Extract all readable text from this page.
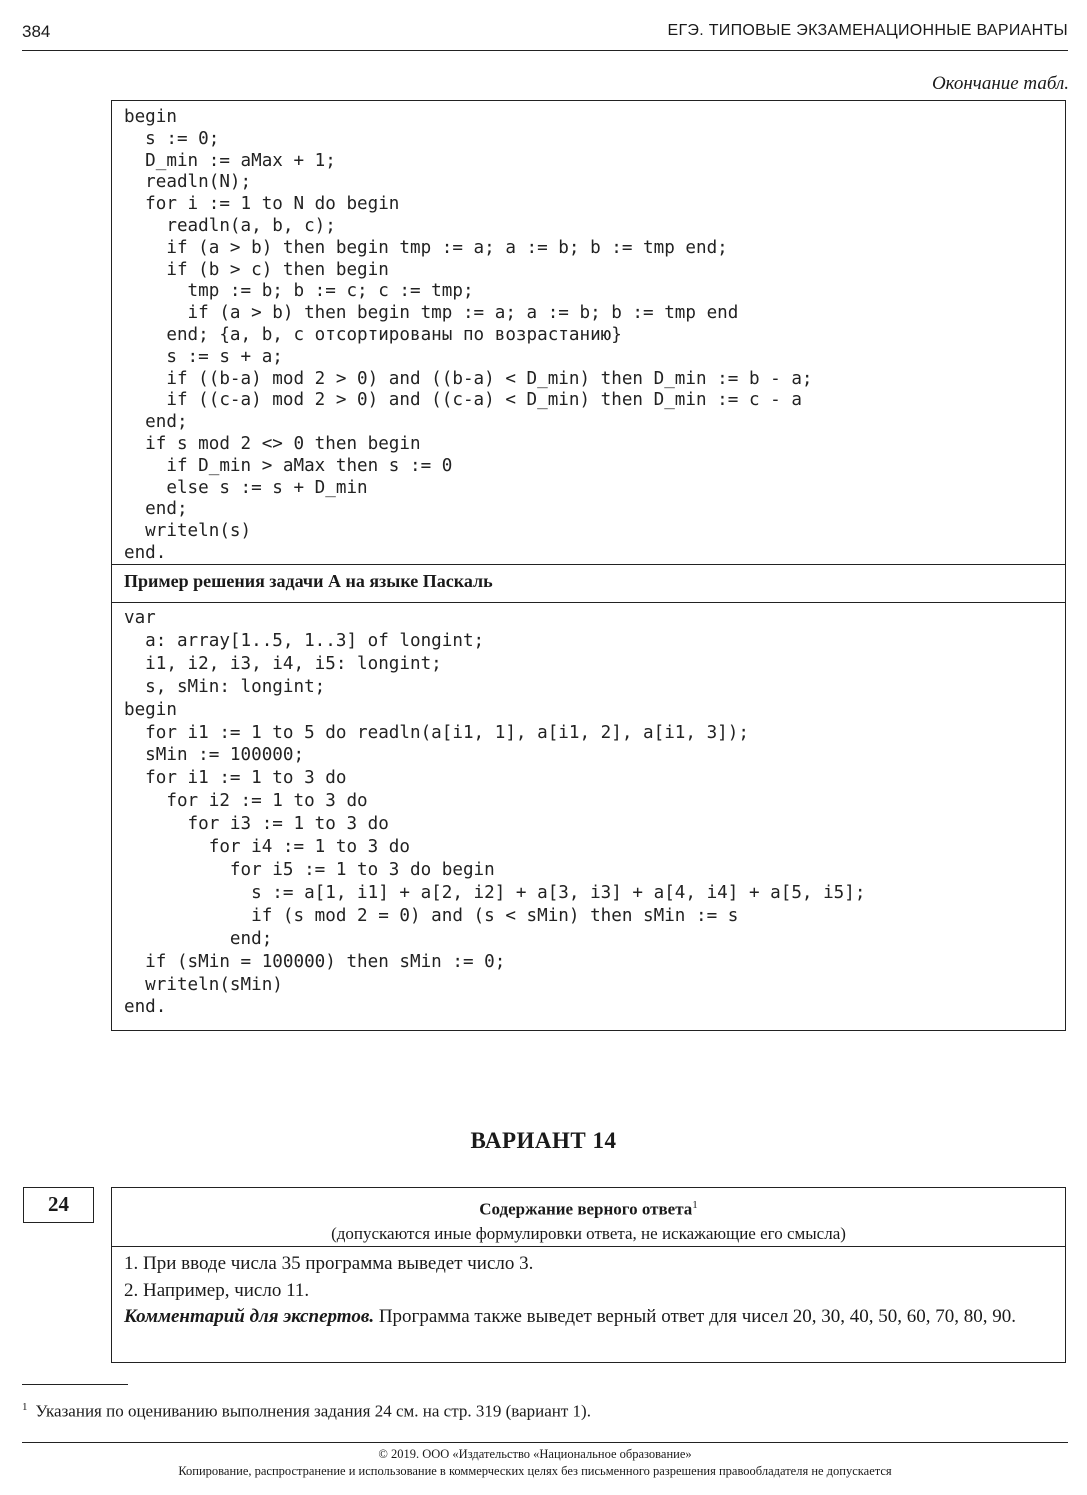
384	ЕГЭ. ТИПОВЫЕ ЭКЗАМЕНАЦИОННЫЕ ВАРИАНТЫ
Окончание табл.
begin
s := 0;
D_min := aMax + 1;
readln(N);
for i := 1 to N do begin
readln(a, b, c);
if (a > b) then begin tmp := a; a := b; b := tmp end;
if (b > c) then begin
tmp := b; b := c; c := tmp;
if (a > b) then begin tmp := a; a := b; b := tmp end
end; {a, b, c отсортированы по возрастанию}
s := s + a;
if ((b-a) mod 2 > 0) and ((b-a) < D_min) then D_min := b - a;
if ((c-a) mod 2 > 0) and ((c-a) < D_min) then D_min := c - a
end;
if s mod 2 <> 0 then begin
if D_min > aMax then s := 0
else s := s + D_min
end;
writeln(s)
end.
Пример решения задачи А на языке Паскаль
var
a: array[1..5, 1..3] of longint;
i1, i2, i3, i4, i5: longint;
s, sMin: longint;
begin
for i1 := 1 to 5 do readln(a[i1, 1], a[i1, 2], a[i1, 3]);
sMin := 100000;
for i1 := 1 to 3 do
for i2 := 1 to 3 do
for i3 := 1 to 3 do
for i4 := 1 to 3 do
for i5 := 1 to 3 do begin
s := a[1, i1] + a[2, i2] + a[3, i3] + a[4, i4] + a[5, i5];
if (s mod 2 = 0) and (s < sMin) then sMin := s
end;
if (sMin = 100000) then sMin := 0;
writeln(sMin)
end.
ВАРИАНТ 14
24	Содержание верного ответа$^1$
(допускаются иные формулировки ответа, не искажающие его смысла)
1. При вводе числа 35 программа выведет число 3.
2. Например, число 11.
Комментарий для экспертов. Программа также выведет верный ответ для чисел 20, 30, 40, 50, 60, 70, 80, 90.
$^1$ Указания по оцениванию выполнения задания 24 см. на стр. 319 (вариант 1).
© 2019. ООО «Издательство «Национальное образование»
Копирование, распространение и использование в коммерческих целях без письменного разрешения правообладателя не допускается
